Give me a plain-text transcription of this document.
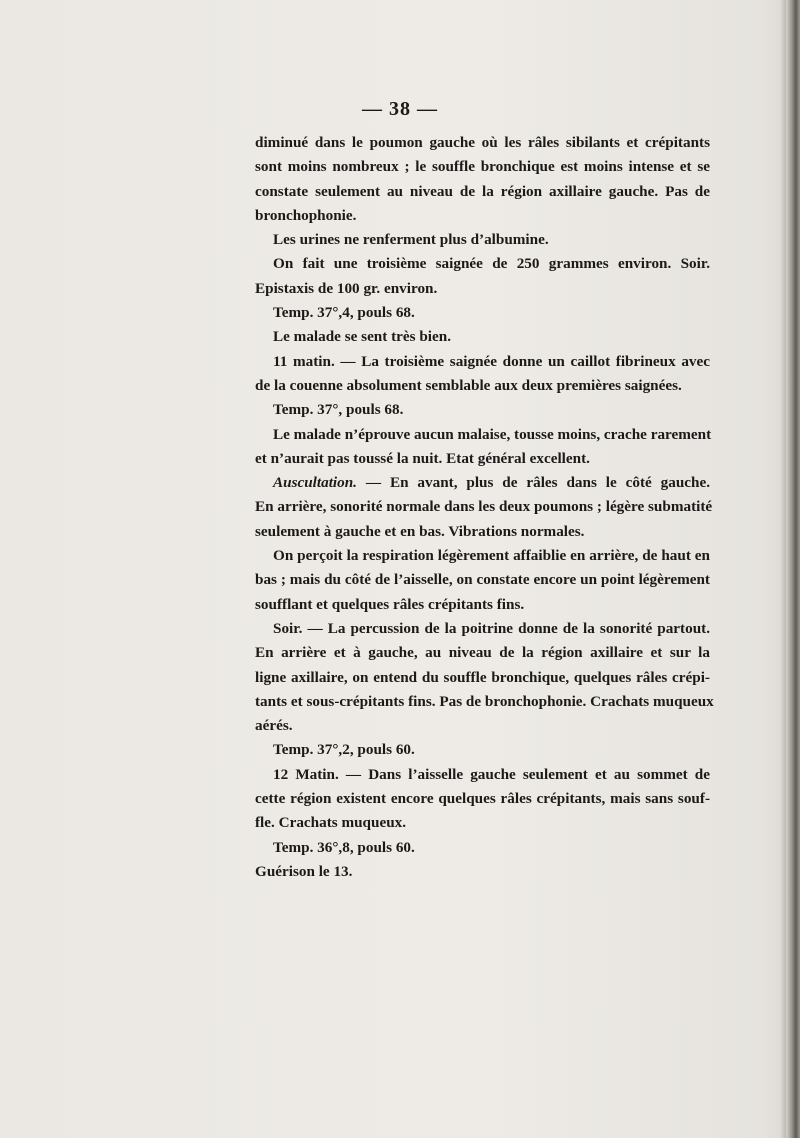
— 38 —
diminué dans le poumon gauche où les râles sibilants et crépitants
sont moins nombreux ; le souffle bronchique est moins intense et se
constate seulement au niveau de la région axillaire gauche. Pas de
bronchophonie.
Les urines ne renferment plus d’albumine.
On fait une troisième saignée de 250 grammes environ. Soir.
Epistaxis de 100 gr. environ.
Temp. 37°,4, pouls 68.
Le malade se sent très bien.
11 matin. — La troisième saignée donne un caillot fibrineux avec
de la couenne absolument semblable aux deux premières saignées.
Temp. 37°, pouls 68.
Le malade n’éprouve aucun malaise, tousse moins, crache rarement
et n’aurait pas toussé la nuit. Etat général excellent.
Auscultation. — En avant, plus de râles dans le côté gauche.
En arrière, sonorité normale dans les deux poumons ; légère submatité
seulement à gauche et en bas. Vibrations normales.
On perçoit la respiration légèrement affaiblie en arrière, de haut en
bas ; mais du côté de l’aisselle, on constate encore un point légèrement
soufflant et quelques râles crépitants fins.
Soir. — La percussion de la poitrine donne de la sonorité partout.
En arrière et à gauche, au niveau de la région axillaire et sur la
ligne axillaire, on entend du souffle bronchique, quelques râles crépi-
tants et sous-crépitants fins. Pas de bronchophonie. Crachats muqueux
aérés.
Temp. 37°,2, pouls 60.
12 Matin. — Dans l’aisselle gauche seulement et au sommet de
cette région existent encore quelques râles crépitants, mais sans souf-
fle. Crachats muqueux.
Temp. 36°,8, pouls 60.
Guérison le 13.
